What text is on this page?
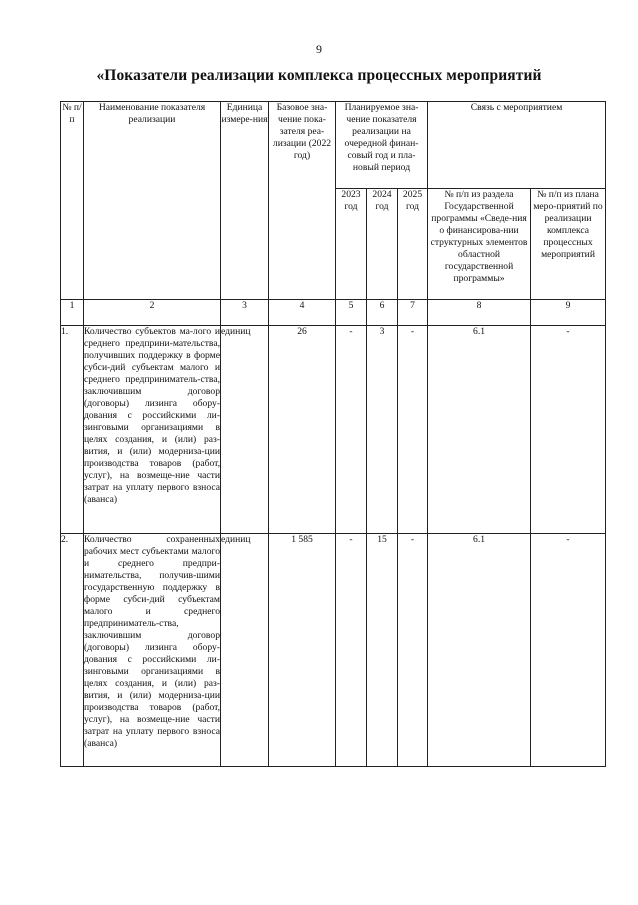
9
«Показатели реализации комплекса процессных мероприятий
№ п/п	Наименование показателя реализации	Единица измере-ния	Базовое зна-чение пока-зателя реа-лизации (2022 год)	Планируемое зна-чение показателя реализации на очередной финан-совый год и пла-новый период			Связь с мероприятием	
				2023 год	2024 год	2025 год	№ п/п из раздела Государственной программы «Сведе-ния о финансирова-нии структурных элементов областной государственной программы»	№ п/п из плана меро-приятий по реализации комплекса процессных мероприятий
1	2	3	4	5	6	7	8	9
1.	Количество субъектов ма-лого и среднего предприни-мательства, получивших поддержку в форме субси-дий субъектам малого и среднего предприниматель-ства, заключившим договор (договоры) лизинга обору-дования с российскими ли-зинговыми организациями в целях создания, и (или) раз-вития, и (или) модерниза-ции производства товаров (работ, услуг), на возмеще-ние части затрат на уплату первого взноса (аванса)	единиц	26	-	3	-	6.1	-
2.	Количество сохраненных рабочих мест субъектами малого и среднего предпри-нимательства, получив-шими государственную поддержку в форме субси-дий субъектам малого и среднего предприниматель-ства, заключившим договор (договоры) лизинга обору-дования с российскими ли-зинговыми организациями в целях создания, и (или) раз-вития, и (или) модерниза-ции производства товаров (работ, услуг), на возмеще-ние части затрат на уплату первого взноса (аванса)	единиц	1 585	-	15	-	6.1	-
